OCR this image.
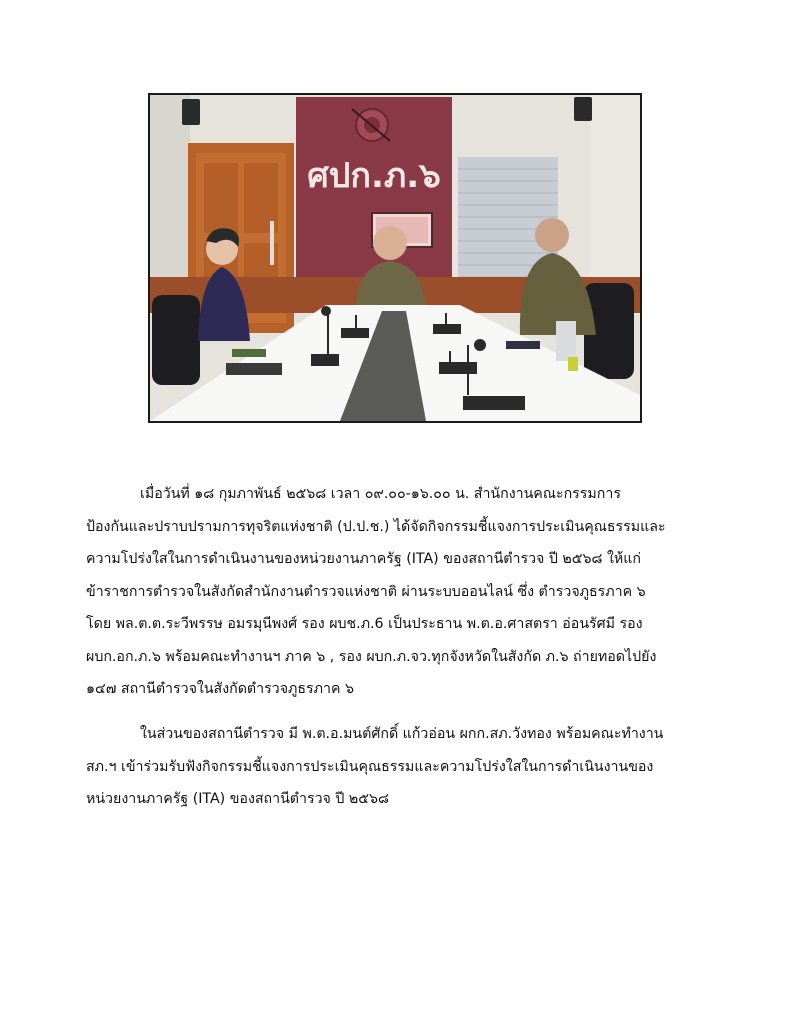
ศปก.ภ.๖
เมื่อวันที่ ๑๘ กุมภาพันธ์ ๒๕๖๘ เวลา ๐๙.๐๐-๑๖.๐๐ น. สำนักงานคณะกรรมการ
ป้องกันและปราบปรามการทุจริตแห่งชาติ (ป.ป.ช.) ได้จัดกิจกรรมชี้แจงการประเมินคุณธรรมและ
ความโปร่งใสในการดำเนินงานของหน่วยงานภาครัฐ (ITA) ของสถานีตำรวจ ปี ๒๕๖๘ ให้แก่
ข้าราชการตำรวจในสังกัดสำนักงานตำรวจแห่งชาติ ผ่านระบบออนไลน์ ซึ่ง ตำรวจภูธรภาค ๖
โดย พล.ต.ต.ระวีพรรษ อมรมุนีพงศ์ รอง ผบช.ภ.6 เป็นประธาน พ.ต.อ.ศาสตรา อ่อนรัศมี รอง
ผบก.อก.ภ.๖ พร้อมคณะทำงานฯ ภาค ๖ , รอง ผบก.ภ.จว.ทุกจังหวัดในสังกัด ภ.๖ ถ่ายทอดไปยัง
๑๔๗ สถานีตำรวจในสังกัดตำรวจภูธรภาค ๖
ในส่วนของสถานีตำรวจ มี พ.ต.อ.มนต์ศักดิ์ แก้วอ่อน ผกก.สภ.วังทอง พร้อมคณะทำงาน
สภ.ฯ เข้าร่วมรับฟังกิจกรรมชี้แจงการประเมินคุณธรรมและความโปร่งใสในการดำเนินงานของ
หน่วยงานภาครัฐ (ITA) ของสถานีตำรวจ ปี ๒๕๖๘
